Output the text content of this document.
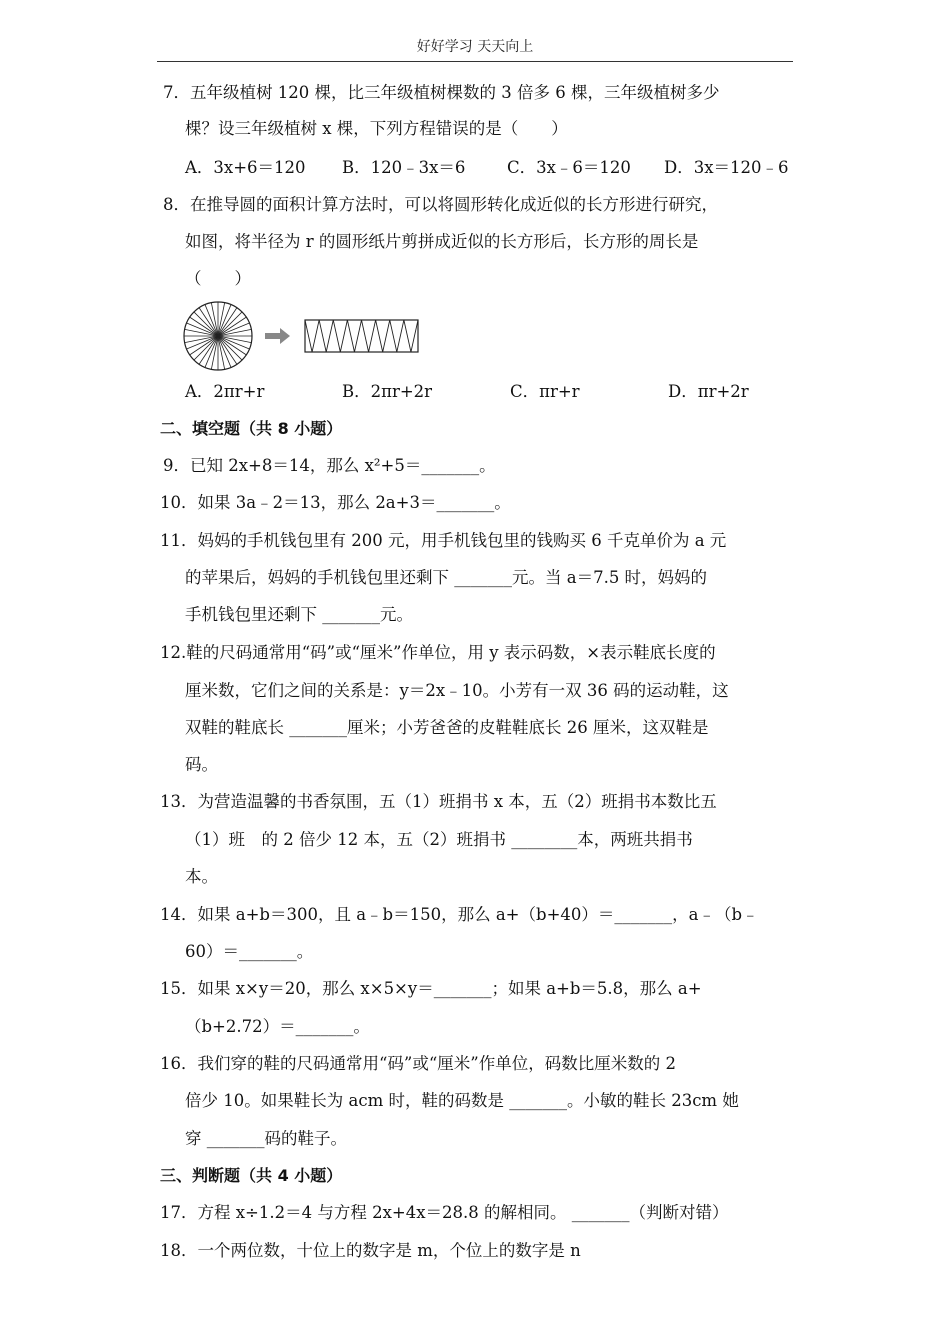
好好学习 天天向上
7．五年级植树 120 棵，比三年级植树棵数的 3 倍多 6 棵，三年级植树多少
棵？设三年级植树 x 棵，下列方程错误的是（　　）
8．在推导圆的面积计算方法时，可以将圆形转化成近似的长方形进行研究，
如图，将半径为 r 的圆形纸片剪拼成近似的长方形后，长方形的周长是
（　　）
二、填空题（共 8 小题）
9．已知 2x+8＝14，那么 x²+5＝_______。
10．如果 3a﹣2＝13，那么 2a+3＝_______。
11．妈妈的手机钱包里有 200 元，用手机钱包里的钱购买 6 千克单价为 a 元
的苹果后，妈妈的手机钱包里还剩下 _______元。当 a＝7.5 时，妈妈的
手机钱包里还剩下 _______元。
12.鞋的尺码通常用“码”或“厘米”作单位，用 y 表示码数，×表示鞋底长度的
厘米数，它们之间的关系是：y＝2x﹣10。小芳有一双 36 码的运动鞋，这
双鞋的鞋底长 _______厘米；小芳爸爸的皮鞋鞋底长 26 厘米，这双鞋是
码。
13．为营造温馨的书香氛围，五（1）班捐书 x 本，五（2）班捐书本数比五
（1）班　的 2 倍少 12 本，五（2）班捐书 ________本，两班共捐书
本。
14．如果 a+b＝300，且 a﹣b＝150，那么 a+（b+40）＝_______，a﹣（b﹣
60）＝_______。
15．如果 x×y＝20，那么 x×5×y＝_______；如果 a+b＝5.8，那么 a+
（b+2.72）＝_______。
16．我们穿的鞋的尺码通常用“码”或“厘米”作单位，码数比厘米数的 2
倍少 10。如果鞋长为 acm 时，鞋的码数是 _______。小敏的鞋长 23cm 她
穿 _______码的鞋子。
三、判断题（共 4 小题）
17．方程 x÷1.2＝4 与方程 2x+4x＝28.8 的解相同。 _______（判断对错）
18．一个两位数，十位上的数字是 m，个位上的数字是 n
A．3x+6＝120 B．120﹣3x＝6	C．3x﹣6＝120 D．3x＝120﹣6
A．2πr+r	B．2πr+2r	C．πr+r	D．πr+2r
